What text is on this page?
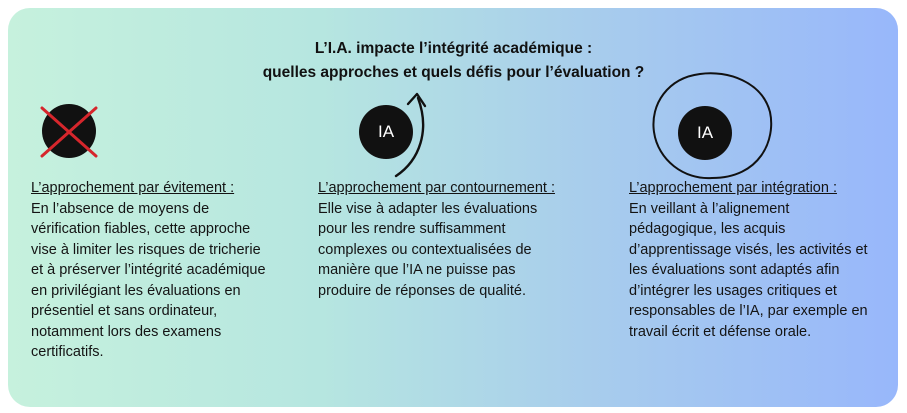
L’I.A. impacte l’intégrité académique :
quelles approches et quels défis pour l’évaluation ?
L’approchement par évitement :
En l’absence de moyens de vérification fiables, cette approche vise à limiter les risques de tricherie et à préserver l’intégrité académique en privilégiant les évaluations en présentiel et sans ordinateur, notamment lors des examens certificatifs.
IA
L’approchement par contournement :
Elle vise à adapter les évaluations pour les rendre suffisamment complexes ou contextualisées de manière que l’IA ne puisse pas produire de réponses de qualité.
IA
L’approchement par intégration :
En veillant à l’alignement pédagogique, les acquis d’apprentissage visés, les activités et les évaluations sont adaptés afin d’intégrer les usages critiques et responsables de l’IA, par exemple en travail écrit et défense orale.
